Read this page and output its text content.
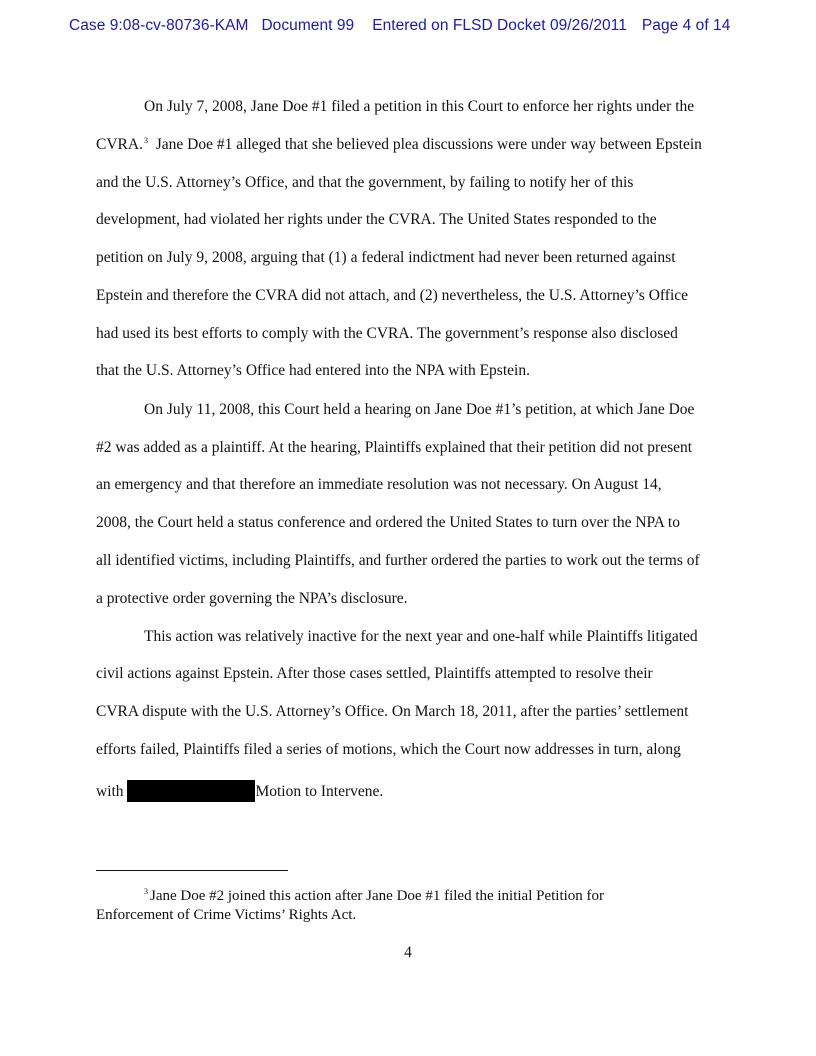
Case 9:08-cv-80736-KAM Document 99 Entered on FLSD Docket 09/26/2011 Page 4 of 14
On July 7, 2008, Jane Doe #1 filed a petition in this Court to enforce her rights under the
CVRA.$^3$  Jane Doe #1 alleged that she believed plea discussions were under way between Epstein
and the U.S. Attorney’s Office, and that the government, by failing to notify her of this
development, had violated her rights under the CVRA. The United States responded to the
petition on July 9, 2008, arguing that (1) a federal indictment had never been returned against
Epstein and therefore the CVRA did not attach, and (2) nevertheless, the U.S. Attorney’s Office
had used its best efforts to comply with the CVRA. The government’s response also disclosed
that the U.S. Attorney’s Office had entered into the NPA with Epstein.
On July 11, 2008, this Court held a hearing on Jane Doe #1’s petition, at which Jane Doe
#2 was added as a plaintiff. At the hearing, Plaintiffs explained that their petition did not present
an emergency and that therefore an immediate resolution was not necessary. On August 14,
2008, the Court held a status conference and ordered the United States to turn over the NPA to
all identified victims, including Plaintiffs, and further ordered the parties to work out the terms of
a protective order governing the NPA’s disclosure.
This action was relatively inactive for the next year and one-half while Plaintiffs litigated
civil actions against Epstein. After those cases settled, Plaintiffs attempted to resolve their
CVRA dispute with the U.S. Attorney’s Office. On March 18, 2011, after the parties’ settlement
efforts failed, Plaintiffs filed a series of motions, which the Court now addresses in turn, along
with	Motion to Intervene.
$^3$ Jane Doe #2 joined this action after Jane Doe #1 filed the initial Petition for
Enforcement of Crime Victims’ Rights Act.
4
